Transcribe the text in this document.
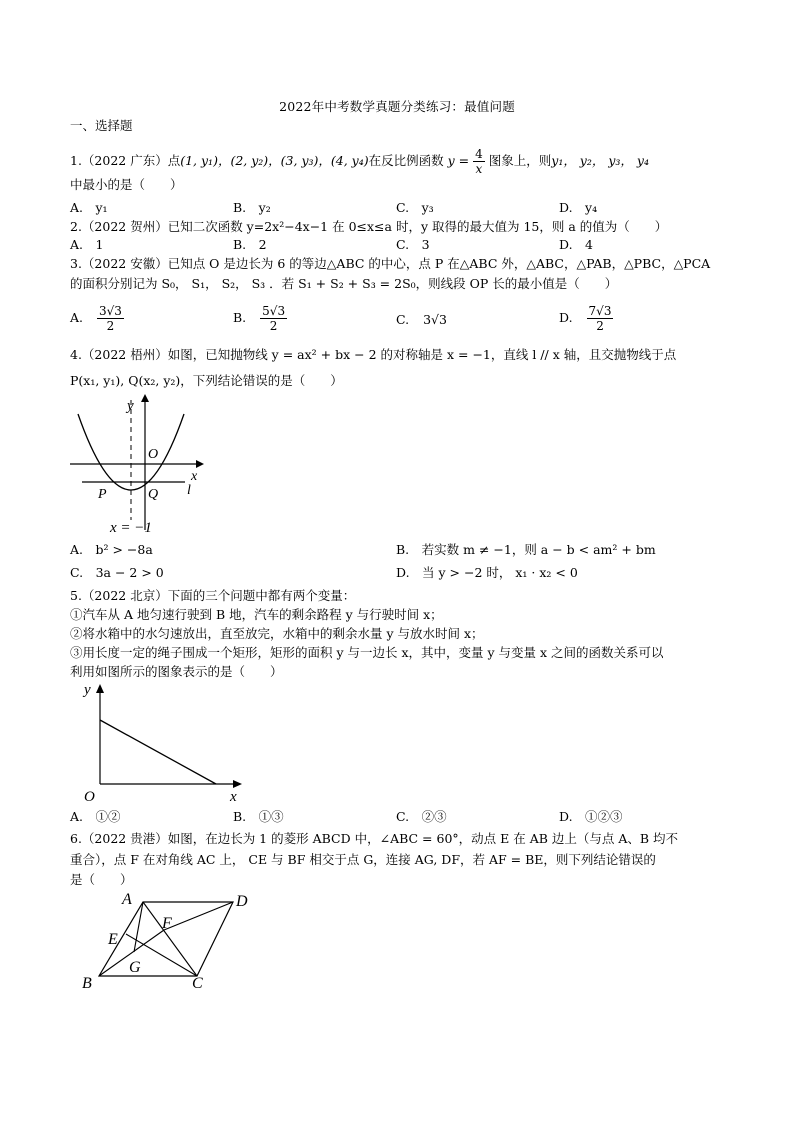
2022年中考数学真题分类练习：最值问题
一、选择题
1.（2022 广东）点(1, y₁)，(2, y₂)，(3, y₃)，(4, y₄)在反比例函数 $y = \frac{4}{x}$ 图象上，则y₁， y₂， y₃， y₄
中最小的是（　　）
A.　y₁	B.　y₂	C.　y₃	D.　y₄
2.（2022 贺州）已知二次函数 y=2x²−4x−1 在 0≤x≤a 时，y 取得的最大值为 15，则 a 的值为（　　）
A.　1	B.　2	C.　3	D.　4
3.（2022 安徽）已知点 O 是边长为 6 的等边△ABC 的中心，点 P 在△ABC 外，△ABC，△PAB，△PBC，△PCA
的面积分别记为 S₀， S₁， S₂， S₃ ．若 S₁ + S₂ + S₃ = 2S₀，则线段 OP 长的最小值是（　　）
A. $\frac{3√3}{2}$	B. $\frac{5√3}{2}$	C. 3√3	D. $\frac{7√3}{2}$
4.（2022 梧州）如图，已知抛物线 y = ax² + bx − 2 的对称轴是 x = −1，直线 l // x 轴，且交抛物线于点
P(x₁, y₁), Q(x₂, y₂)，下列结论错误的是（　　）
y
O
x
P	Q l
x = −1
A.　b² > −8a	B.　若实数 m ≠ −1，则 a − b < am² + bm
C.　3a − 2 > 0	D.　当 y > −2 时， x₁ · x₂ < 0
5.（2022 北京）下面的三个问题中都有两个变量：
①汽车从 A 地匀速行驶到 B 地，汽车的剩余路程 y 与行驶时间 x；
②将水箱中的水匀速放出，直至放完，水箱中的剩余水量 y 与放水时间 x；
③用长度一定的绳子围成一个矩形，矩形的面积 y 与一边长 x，其中，变量 y 与变量 x 之间的函数关系可以
利用如图所示的图象表示的是（　　）
y
O	x
A.　①②	B.　①③	C.　②③	D.　①②③
6.（2022 贵港）如图，在边长为 1 的菱形 ABCD 中，∠ABC = 60°，动点 E 在 AB 边上（与点 A、B 均不
重合），点 F 在对角线 AC 上， CE 与 BF 相交于点 G，连接 AG, DF，若 AF = BE，则下列结论错误的
是（　　）
A	D
F
E
G
B	C
